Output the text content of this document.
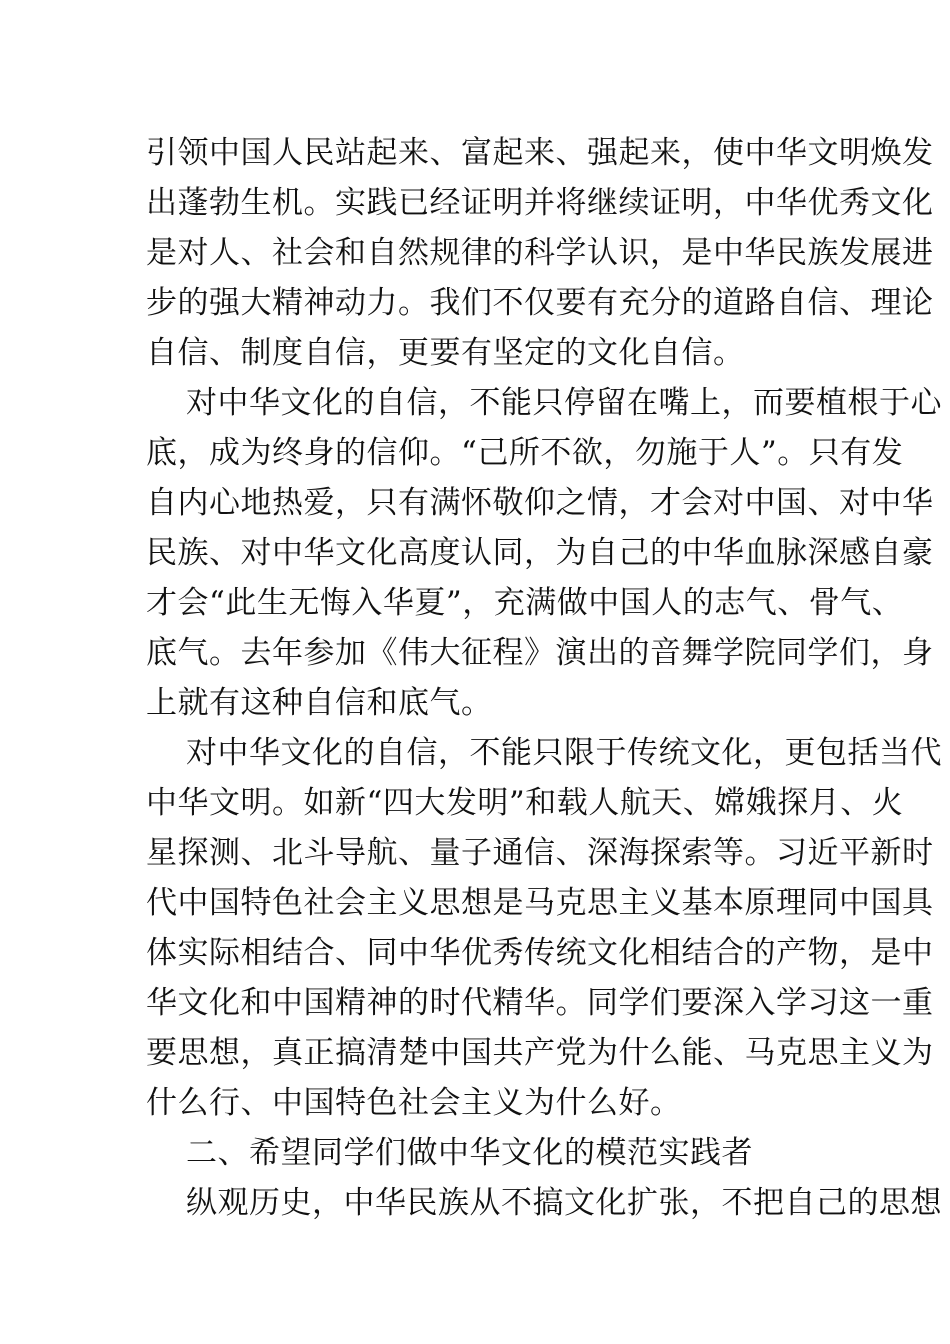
引领中国人民站起来、富起来、强起来，使中华文明焕发
出蓬勃生机。实践已经证明并将继续证明，中华优秀文化
是对人、社会和自然规律的科学认识，是中华民族发展进
步的强大精神动力。我们不仅要有充分的道路自信、理论
自信、制度自信，更要有坚定的文化自信。
对中华文化的自信，不能只停留在嘴上，而要植根于心
底，成为终身的信仰。“己所不欲，勿施于人”。只有发
自内心地热爱，只有满怀敬仰之情，才会对中国、对中华
民族、对中华文化高度认同，为自己的中华血脉深感自豪
才会“此生无悔入华夏”，充满做中国人的志气、骨气、
底气。去年参加《伟大征程》演出的音舞学院同学们，身
上就有这种自信和底气。
对中华文化的自信，不能只限于传统文化，更包括当代
中华文明。如新“四大发明”和载人航天、嫦娥探月、火
星探测、北斗导航、量子通信、深海探索等。习近平新时
代中国特色社会主义思想是马克思主义基本原理同中国具
体实际相结合、同中华优秀传统文化相结合的产物，是中
华文化和中国精神的时代精华。同学们要深入学习这一重
要思想，真正搞清楚中国共产党为什么能、马克思主义为
什么行、中国特色社会主义为什么好。
二、希望同学们做中华文化的模范实践者
纵观历史，中华民族从不搞文化扩张，不把自己的思想
